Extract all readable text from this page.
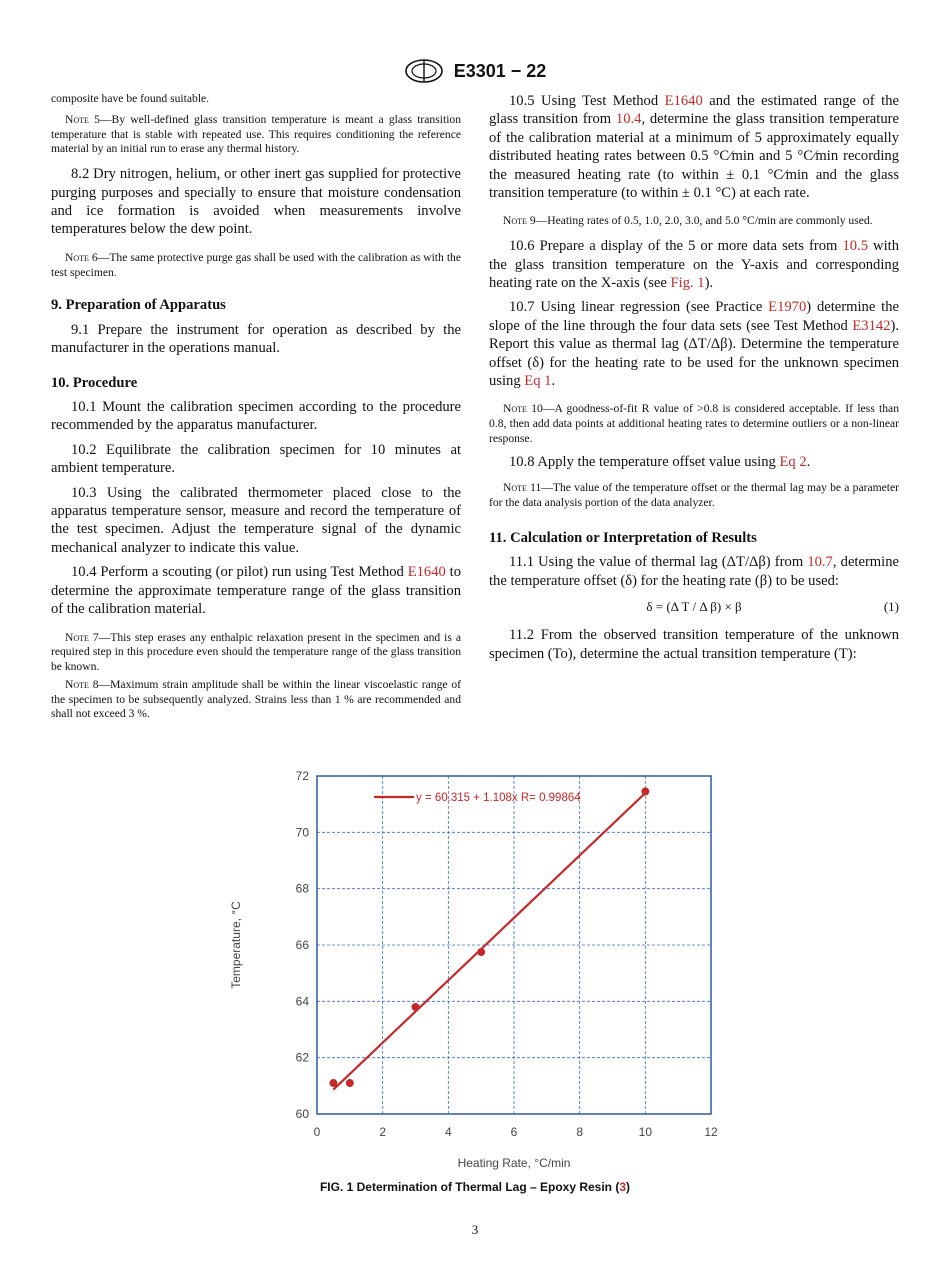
E3301 − 22

composite have be found suitable.

Note 5—By well-defined glass transition temperature is meant a glass transition temperature that is stable with repeated use. This requires conditioning the reference material by an initial run to erase any thermal history.

8.2 Dry nitrogen, helium, or other inert gas supplied for protective purging purposes and specially to ensure that moisture condensation and ice formation is avoided when measurements involve temperatures below the dew point.

Note 6—The same protective purge gas shall be used with the calibration as with the test specimen.

9. Preparation of Apparatus

9.1 Prepare the instrument for operation as described by the manufacturer in the operations manual.

10. Procedure

10.1 Mount the calibration specimen according to the procedure recommended by the apparatus manufacturer.

10.2 Equilibrate the calibration specimen for 10 minutes at ambient temperature.

10.3 Using the calibrated thermometer placed close to the apparatus temperature sensor, measure and record the temperature of the test specimen. Adjust the temperature signal of the dynamic mechanical analyzer to indicate this value.

10.4 Perform a scouting (or pilot) run using Test Method E1640 to determine the approximate temperature range of the glass transition of the calibration material.

Note 7—This step erases any enthalpic relaxation present in the specimen and is a required step in this procedure even should the temperature range of the glass transition be known.

Note 8—Maximum strain amplitude shall be within the linear viscoelastic range of the specimen to be subsequently analyzed. Strains less than 1 % are recommended and shall not exceed 3 %.

10.5 Using Test Method E1640 and the estimated range of the glass transition from 10.4, determine the glass transition temperature of the calibration material at a minimum of 5 approximately equally distributed heating rates between 0.5 °C⁄min and 5 °C⁄min recording the measured heating rate (to within ± 0.1 °C⁄min and the glass transition temperature (to within ± 0.1 °C) at each rate.

Note 9—Heating rates of 0.5, 1.0, 2.0, 3.0, and 5.0 °C/min are commonly used.

10.6 Prepare a display of the 5 or more data sets from 10.5 with the glass transition temperature on the Y-axis and corresponding heating rate on the X-axis (see Fig. 1).

10.7 Using linear regression (see Practice E1970) determine the slope of the line through the four data sets (see Test Method E3142). Report this value as thermal lag (ΔT/Δβ). Determine the temperature offset (δ) for the heating rate to be used for the unknown specimen using Eq 1.

Note 10—A goodness-of-fit R value of >0.8 is considered acceptable. If less than 0.8, then add data points at additional heating rates to determine outliers or a non-linear response.

10.8 Apply the temperature offset value using Eq 2.

Note 11—The value of the temperature offset or the thermal lag may be a parameter for the data analysis portion of the data analyzer.

11. Calculation or Interpretation of Results

11.1 Using the value of thermal lag (ΔT/Δβ) from 10.7, determine the temperature offset (δ) for the heating rate (β) to be used:

δ = (Δ T / Δ β) × β	(1)

11.2 From the observed transition temperature of the unknown specimen (To), determine the actual transition temperature (T):

0	2	4	6	8	10	12
60
62
64
66
68
70
72
y = 60.315 + 1.108x R= 0.99864
Heating Rate, °C/min
Temperature, °C
FIG. 1 Determination of Thermal Lag – Epoxy Resin (3)
3
